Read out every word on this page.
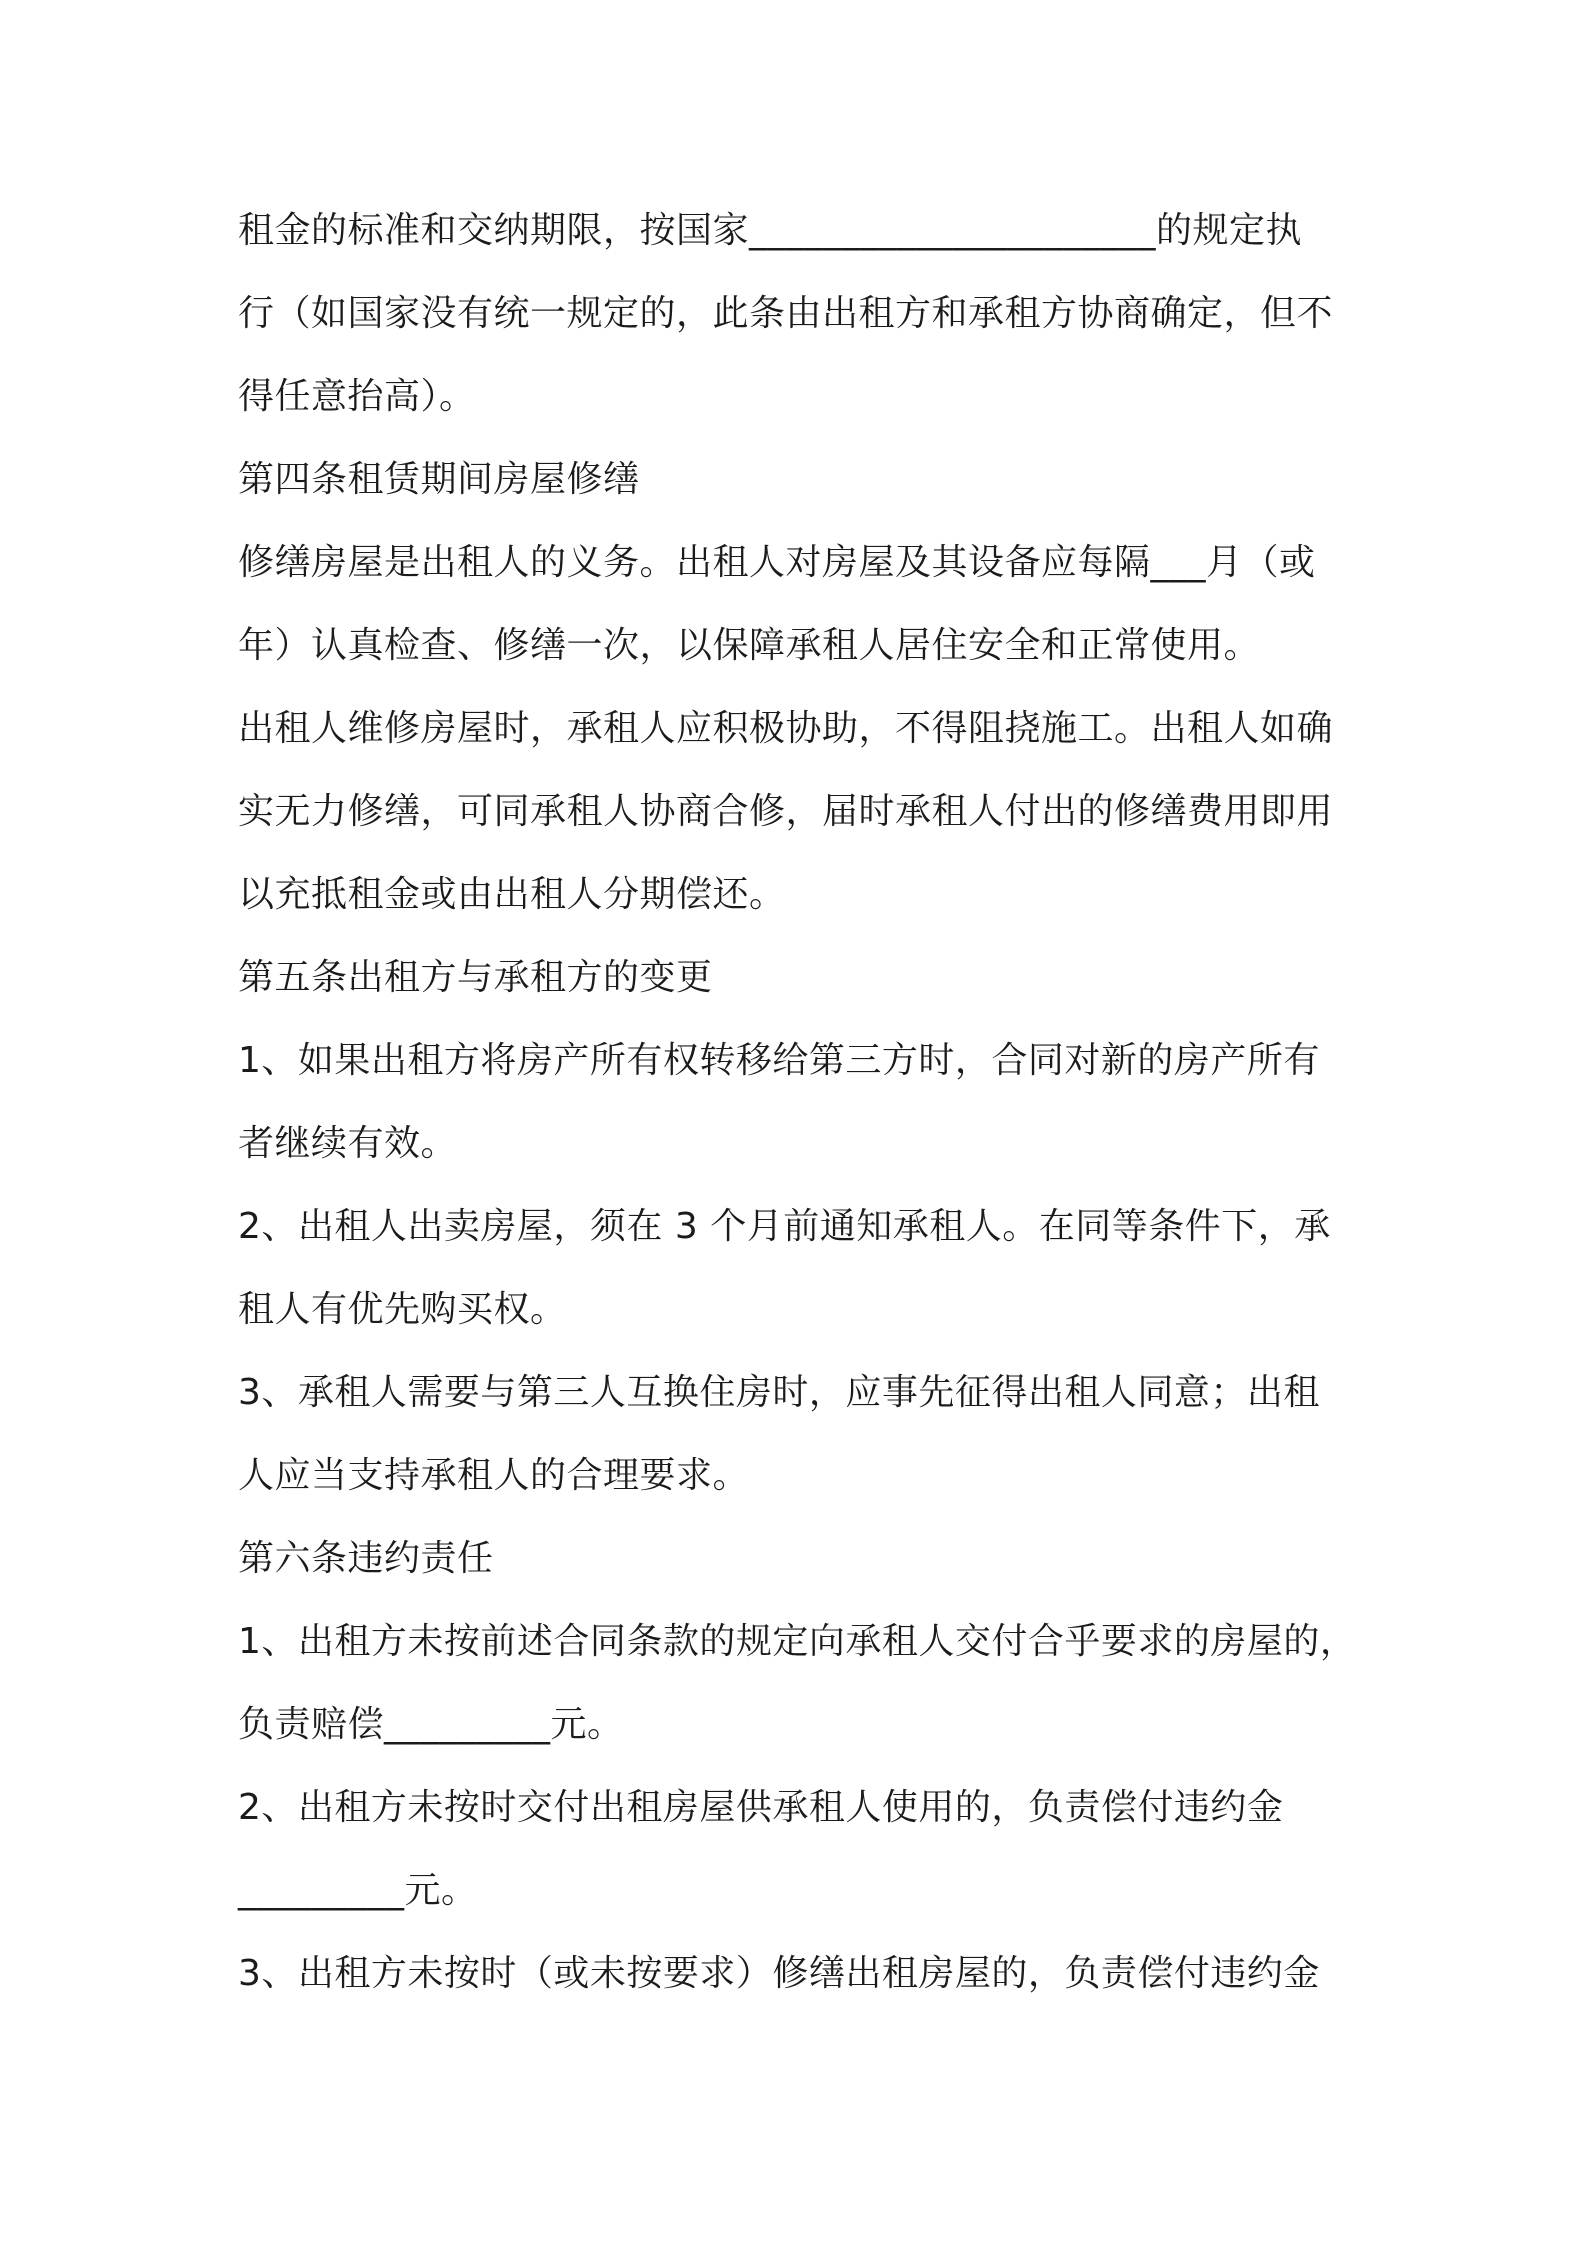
租金的标准和交纳期限，按国家______________________的规定执
行（如国家没有统一规定的，此条由出租方和承租方协商确定，但不
得任意抬高）。
第四条租赁期间房屋修缮
修缮房屋是出租人的义务。出租人对房屋及其设备应每隔___月（或
年）认真检查、修缮一次，以保障承租人居住安全和正常使用。
出租人维修房屋时，承租人应积极协助，不得阻挠施工。出租人如确
实无力修缮，可同承租人协商合修，届时承租人付出的修缮费用即用
以充抵租金或由出租人分期偿还。
第五条出租方与承租方的变更
1、如果出租方将房产所有权转移给第三方时，合同对新的房产所有
者继续有效。
2、出租人出卖房屋，须在 3 个月前通知承租人。在同等条件下，承
租人有优先购买权。
3、承租人需要与第三人互换住房时，应事先征得出租人同意；出租
人应当支持承租人的合理要求。
第六条违约责任
1、出租方未按前述合同条款的规定向承租人交付合乎要求的房屋的，
负责赔偿_________元。
2、出租方未按时交付出租房屋供承租人使用的，负责偿付违约金
_________元。
3、出租方未按时（或未按要求）修缮出租房屋的，负责偿付违约金
